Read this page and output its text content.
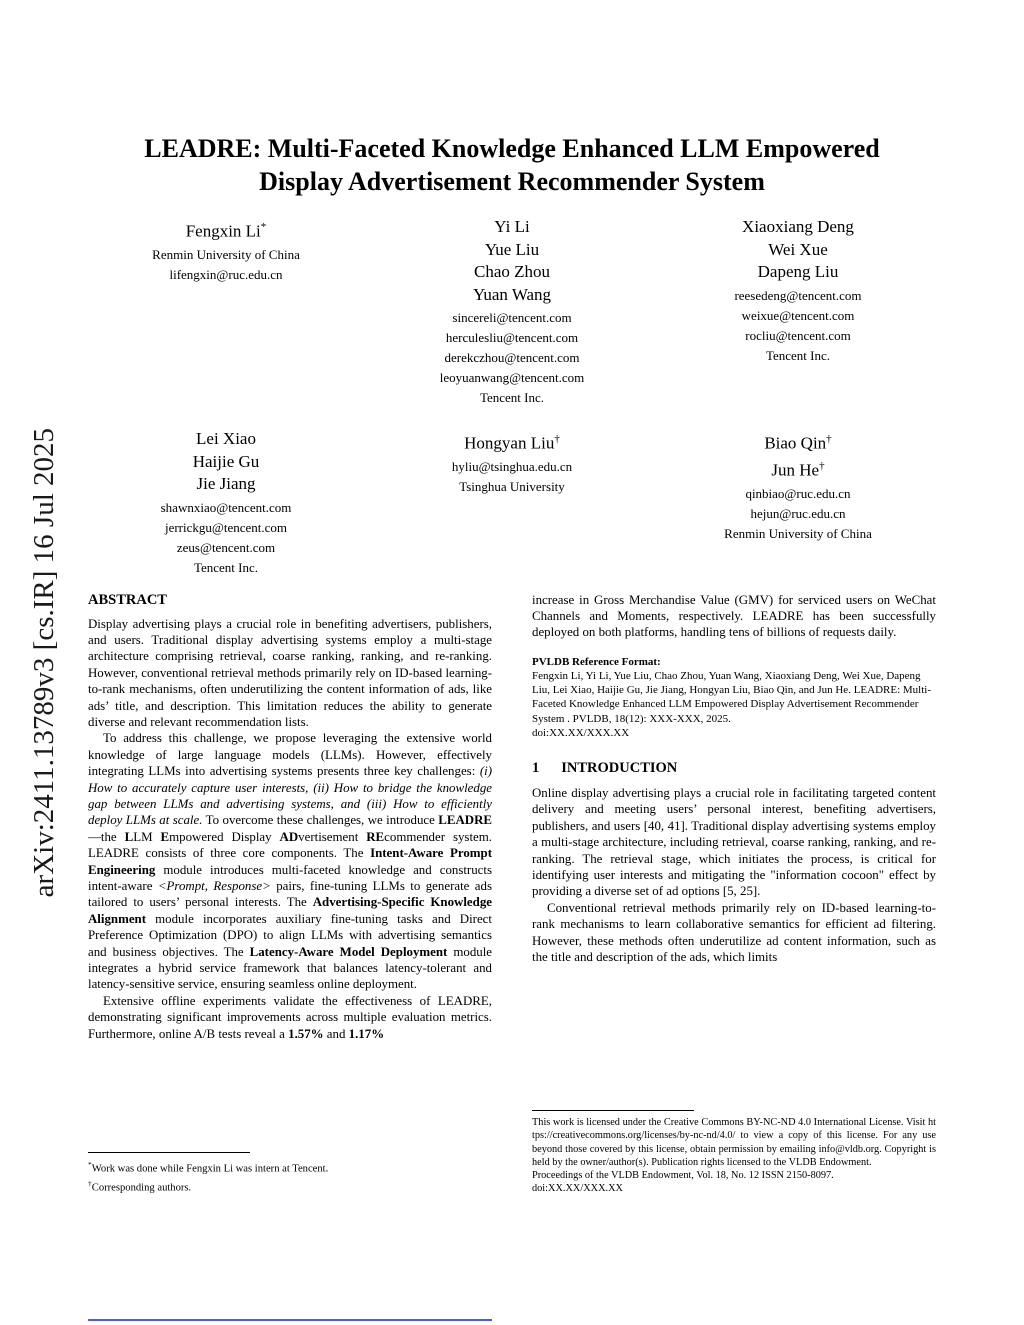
arXiv:2411.13789v3 [cs.IR] 16 Jul 2025
LEADRE: Multi-Faceted Knowledge Enhanced LLM Empowered
Display Advertisement Recommender System
Fengxin Li*
Renmin University of China
lifengxin@ruc.edu.cn
Yi Li
Yue Liu
Chao Zhou
Yuan Wang
sincereli@tencent.com
herculesliu@tencent.com
derekczhou@tencent.com
leoyuanwang@tencent.com
Tencent Inc.
Xiaoxiang Deng
Wei Xue
Dapeng Liu
reesedeng@tencent.com
weixue@tencent.com
rocliu@tencent.com
Tencent Inc.
Lei Xiao
Haijie Gu
Jie Jiang
shawnxiao@tencent.com
jerrickgu@tencent.com
zeus@tencent.com
Tencent Inc.
Hongyan Liu†
hyliu@tsinghua.edu.cn
Tsinghua University
Biao Qin†
Jun He†
qinbiao@ruc.edu.cn
hejun@ruc.edu.cn
Renmin University of China
ABSTRACT

Display advertising plays a crucial role in benefiting advertisers, publishers, and users. Traditional display advertising systems employ a multi-stage architecture comprising retrieval, coarse ranking, ranking, and re-ranking. However, conventional retrieval methods primarily rely on ID-based learning-to-rank mechanisms, often underutilizing the content information of ads, like ads’ title, and description. This limitation reduces the ability to generate diverse and relevant recommendation lists.

To address this challenge, we propose leveraging the extensive world knowledge of large language models (LLMs). However, effectively integrating LLMs into advertising systems presents three key challenges: (i) How to accurately capture user interests, (ii) How to bridge the knowledge gap between LLMs and advertising systems, and (iii) How to efficiently deploy LLMs at scale. To overcome these challenges, we introduce LEADRE—the LLM Empowered Display ADvertisement REcommender system. LEADRE consists of three core components. The Intent-Aware Prompt Engineering module introduces multi-faceted knowledge and constructs intent-aware <Prompt, Response> pairs, fine-tuning LLMs to generate ads tailored to users’ personal interests. The Advertising-Specific Knowledge Alignment module incorporates auxiliary fine-tuning tasks and Direct Preference Optimization (DPO) to align LLMs with advertising semantics and business objectives. The Latency-Aware Model Deployment module integrates a hybrid service framework that balances latency-tolerant and latency-sensitive service, ensuring seamless online deployment.

Extensive offline experiments validate the effectiveness of LEADRE, demonstrating significant improvements across multiple evaluation metrics. Furthermore, online A/B tests reveal a 1.57% and 1.17%

*Work was done while Fengxin Li was intern at Tencent.
†Corresponding authors.

increase in Gross Merchandise Value (GMV) for serviced users on WeChat Channels and Moments, respectively. LEADRE has been successfully deployed on both platforms, handling tens of billions of requests daily.

PVLDB Reference Format:
Fengxin Li, Yi Li, Yue Liu, Chao Zhou, Yuan Wang, Xiaoxiang Deng, Wei Xue, Dapeng Liu, Lei Xiao, Haijie Gu, Jie Jiang, Hongyan Liu, Biao Qin, and Jun He. LEADRE: Multi-Faceted Knowledge Enhanced LLM Empowered Display Advertisement Recommender System . PVLDB, 18(12): XXX-XXX, 2025.
doi:XX.XX/XXX.XX
1 INTRODUCTION

Online display advertising plays a crucial role in facilitating targeted content delivery and meeting users’ personal interest, benefiting advertisers, publishers, and users [40, 41]. Traditional display advertising systems employ a multi-stage architecture, including retrieval, coarse ranking, ranking, and re-ranking. The retrieval stage, which initiates the process, is critical for identifying user interests and mitigating the "information cocoon" effect by providing a diverse set of ad options [5, 25].

Conventional retrieval methods primarily rely on ID-based learning-to-rank mechanisms to learn collaborative semantics for efficient ad filtering. However, these methods often underutilize ad content information, such as the title and description of the ads, which limits

This work is licensed under the Creative Commons BY-NC-ND 4.0 International License. Visit https://creativecommons.org/licenses/by-nc-nd/4.0/ to view a copy of this license. For any use beyond those covered by this license, obtain permission by emailing info@vldb.org. Copyright is held by the owner/author(s). Publication rights licensed to the VLDB Endowment.

Proceedings of the VLDB Endowment, Vol. 18, No. 12 ISSN 2150-8097.
doi:XX.XX/XXX.XX
